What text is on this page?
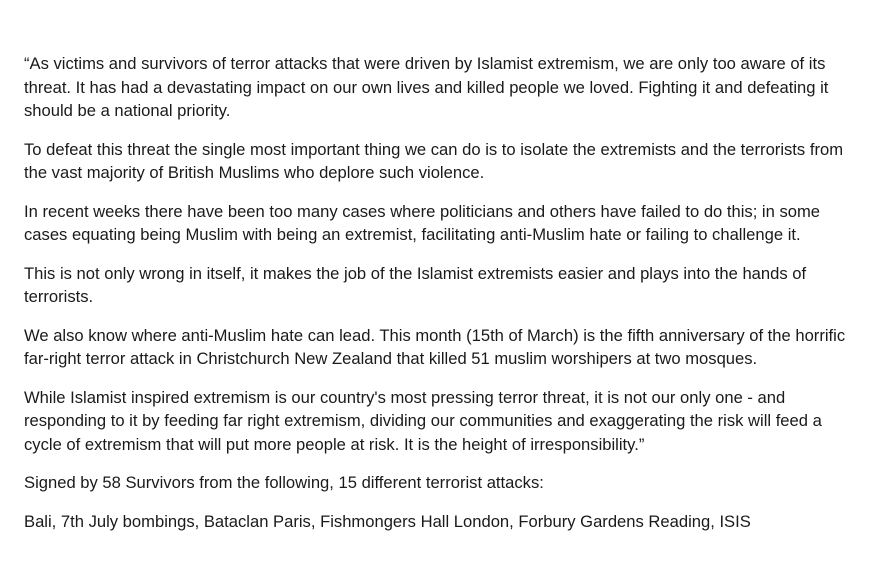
“As victims and survivors of terror attacks that were driven by Islamist extremism, we are only too aware of its threat. It has had a devastating impact on our own lives and killed people we loved. Fighting it and defeating it should be a national priority.

To defeat this threat the single most important thing we can do is to isolate the extremists and the terrorists from the vast majority of British Muslims who deplore such violence.

In recent weeks there have been too many cases where politicians and others have failed to do this; in some cases equating being Muslim with being an extremist, facilitating anti-Muslim hate or failing to challenge it.

This is not only wrong in itself, it makes the job of the Islamist extremists easier and plays into the hands of terrorists.

We also know where anti-Muslim hate can lead. This month (15th of March) is the fifth anniversary of the horrific far-right terror attack in Christchurch New Zealand that killed 51 muslim worshipers at two mosques.

While Islamist inspired extremism is our country's most pressing terror threat, it is not our only one - and responding to it by feeding far right extremism, dividing our communities and exaggerating the risk will feed a cycle of extremism that will put more people at risk. It is the height of irresponsibility.”

Signed by 58 Survivors from the following, 15 different terrorist attacks:

Bali, 7th July bombings, Bataclan Paris, Fishmongers Hall London, Forbury Gardens Reading, ISIS
